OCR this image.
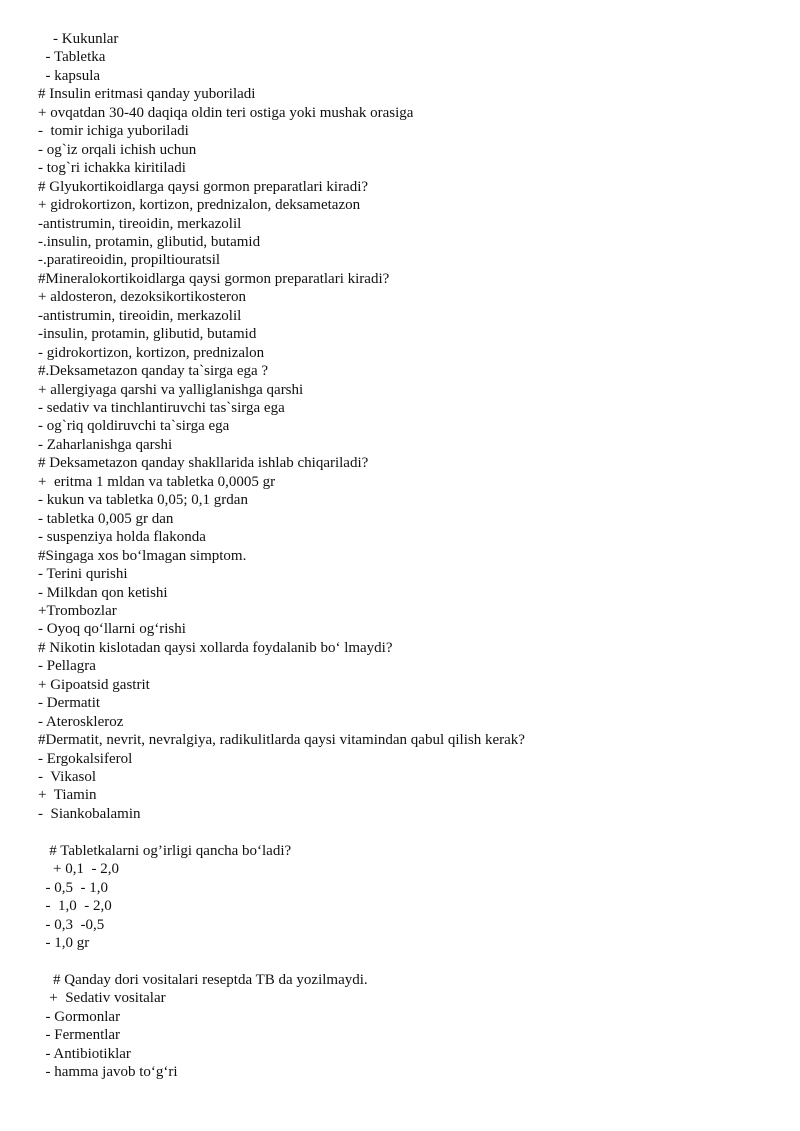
- Kukunlar
- Tabletka
- kapsula
# Insulin eritmasi qanday yuboriladi
+ ovqatdan 30-40 daqiqa oldin teri ostiga yoki mushak orasiga
-  tomir ichiga yuboriladi
- og`iz orqali ichish uchun
- tog`ri ichakka kiritiladi
# Glyukortikoidlarga qaysi gormon preparatlari kiradi?
+ gidrokortizon, kortizon, prednizalon, deksametazon
-antistrumin, tireoidin, merkazolil
-.insulin, protamin, glibutid, butamid
-.paratireoidin, propiltiouratsil
#Mineralokortikoidlarga qaysi gormon preparatlari kiradi?
+ aldosteron, dezoksikortikosteron
-antistrumin, tireoidin, merkazolil
-insulin, protamin, glibutid, butamid
- gidrokortizon, kortizon, prednizalon
#.Deksametazon qanday ta`sirga ega ?
+ allergiyaga qarshi va yalliglanishga qarshi
- sedativ va tinchlantiruvchi tas`sirga ega
- og`riq qoldiruvchi ta`sirga ega
- Zaharlanishga qarshi
# Deksametazon qanday shakllarida ishlab chiqariladi?
+  eritma 1 mldan va tabletka 0,0005 gr
- kukun va tabletka 0,05; 0,1 grdan
- tabletka 0,005 gr dan
- suspenziya holda flakonda
#Singaga xos bo‘lmagan simptom.
- Terini qurishi
- Milkdan qon ketishi
+Trombozlar
- Oyoq qo‘llarni og‘rishi
# Nikotin kislotadan qaysi xollarda foydalanib bo‘ lmaydi?
- Pellagra
+ Gipoatsid gastrit
- Dermatit
- Ateroskleroz
#Dermatit, nevrit, nevralgiya, radikulitlarda qaysi vitamindan qabul qilish kerak?
- Ergokalsiferol
-  Vikasol
+  Tiamin
-  Siankobalamin
# Tabletkalarni og’irligi qancha bo‘ladi?
+ 0,1  - 2,0
- 0,5  - 1,0
-  1,0  - 2,0
- 0,3  -0,5
- 1,0 gr
# Qanday dori vositalari reseptda TB da yozilmaydi.
+  Sedativ vositalar
- Gormonlar
- Fermentlar
- Antibiotiklar
- hamma javob to‘g‘ri
